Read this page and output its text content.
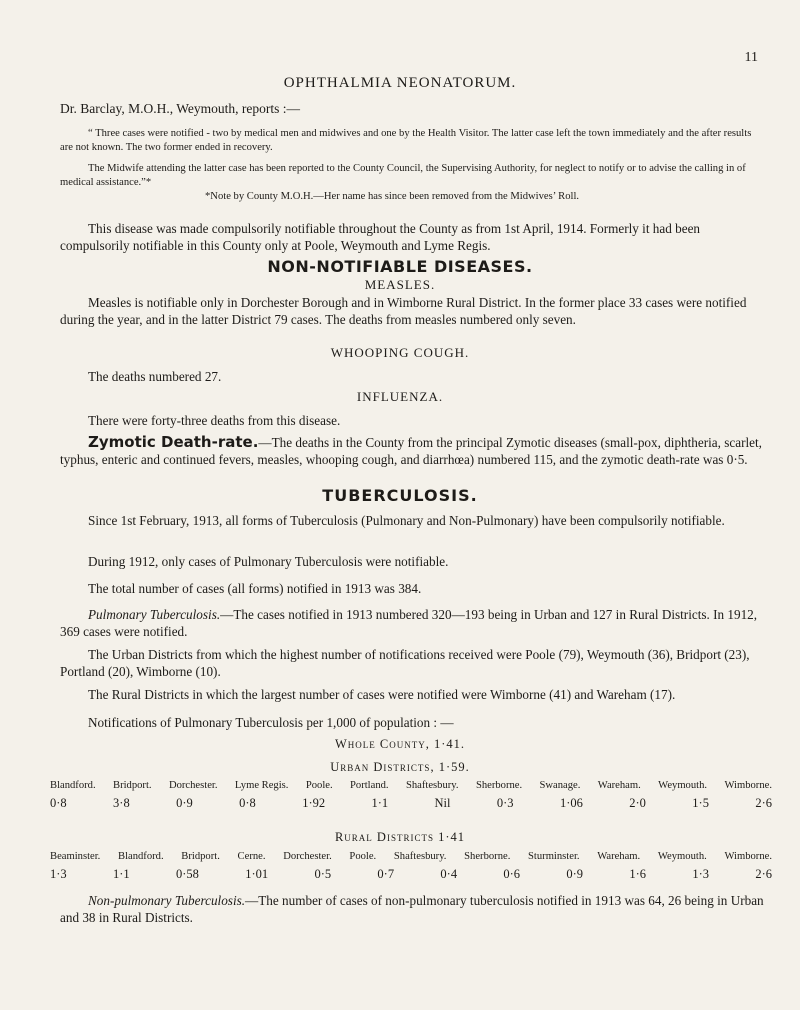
11
OPHTHALMIA NEONATORUM.
Dr. Barclay, M.O.H., Weymouth, reports :—
“ Three cases were notified - two by medical men and midwives and one by the Health Visitor. The latter case left the town immediately and the after results are not known. The two former ended in recovery.
The Midwife attending the latter case has been reported to the County Council, the Supervising Authority, for neglect to notify or to advise the calling in of medical assistance.”*
*Note by County M.O.H.—Her name has since been removed from the Midwives’ Roll.
This disease was made compulsorily notifiable throughout the County as from 1st April, 1914. Formerly it had been compulsorily notifiable in this County only at Poole, Weymouth and Lyme Regis.
NON-NOTIFIABLE DISEASES.
MEASLES.
Measles is notifiable only in Dorchester Borough and in Wimborne Rural District. In the former place 33 cases were notified during the year, and in the latter District 79 cases. The deaths from measles numbered only seven.
WHOOPING COUGH.
The deaths numbered 27.
INFLUENZA.
There were forty-three deaths from this disease.
Zymotic Death-rate.—The deaths in the County from the principal Zymotic diseases (small-pox, diphtheria, scarlet, typhus, enteric and continued fevers, measles, whooping cough, and diarrhœa) numbered 115, and the zymotic death-rate was 0·5.
TUBERCULOSIS.
Since 1st February, 1913, all forms of Tuberculosis (Pulmonary and Non-Pulmonary) have been compulsorily notifiable.
During 1912, only cases of Pulmonary Tuberculosis were notifiable.
The total number of cases (all forms) notified in 1913 was 384.
Pulmonary Tuberculosis.—The cases notified in 1913 numbered 320—193 being in Urban and 127 in Rural Districts. In 1912, 369 cases were notified.
The Urban Districts from which the highest number of notifications received were Poole (79), Weymouth (36), Bridport (23), Portland (20), Wimborne (10).
The Rural Districts in which the largest number of cases were notified were Wimborne (41) and Wareham (17).
Notifications of Pulmonary Tuberculosis per 1,000 of population : —
Whole County, 1·41.
Urban Districts, 1·59.
Blandford. Bridport. Dorchester. Lyme Regis. Poole. Portland. Shaftesbury. Sherborne. Swanage. Wareham. Weymouth. Wimborne.
0·8	3·8	0·9	0·8	1·92	1·1	Nil	0·3	1·06	2·0	1·5	2·6
Rural Districts 1·41
Beaminster. Blandford. Bridport. Cerne. Dorchester. Poole. Shaftesbury. Sherborne. Sturminster. Wareham. Weymouth. Wimborne.
1·3	1·1	0·58	1·01	0·5	0·7	0·4	0·6	0·9	1·6	1·3	2·6
Non-pulmonary Tuberculosis.—The number of cases of non-pulmonary tuberculosis notified in 1913 was 64, 26 being in Urban and 38 in Rural Districts.
